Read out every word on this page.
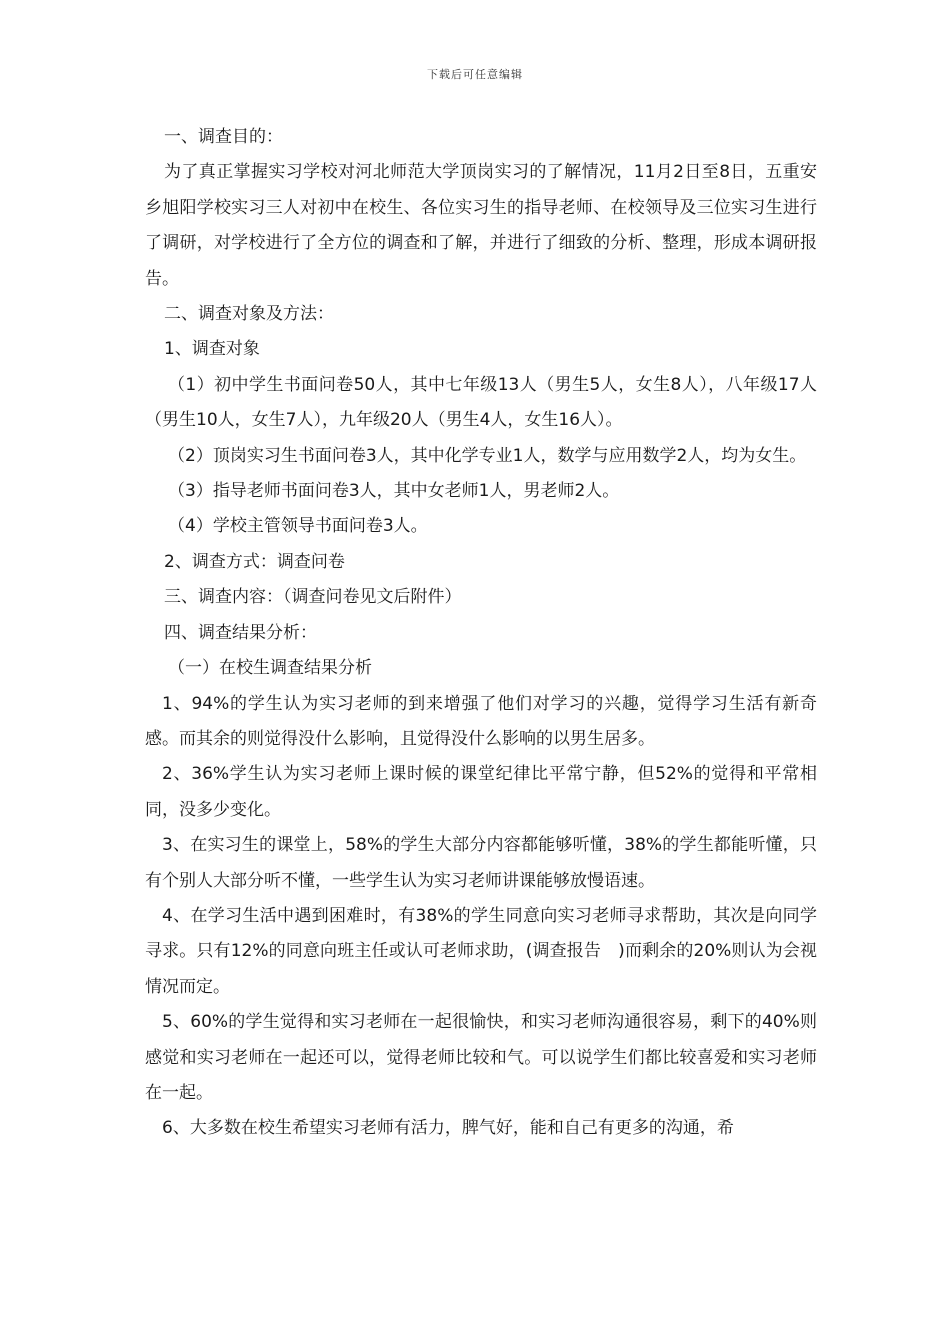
下载后可任意编辑

一、调查目的：

为了真正掌握实习学校对河北师范大学顶岗实习的了解情况，11月2日至8日，五重安乡旭阳学校实习三人对初中在校生、各位实习生的指导老师、在校领导及三位实习生进行了调研，对学校进行了全方位的调查和了解，并进行了细致的分析、整理，形成本调研报告。

二、调查对象及方法：

1、调查对象

（1）初中学生书面问卷50人，其中七年级13人（男生5人，女生8人），八年级17人（男生10人，女生7人），九年级20人（男生4人，女生16人）。

（2）顶岗实习生书面问卷3人，其中化学专业1人，数学与应用数学2人，均为女生。

（3）指导老师书面问卷3人，其中女老师1人，男老师2人。

（4）学校主管领导书面问卷3人。

2、调查方式：调查问卷

三、调查内容：（调查问卷见文后附件）

四、调查结果分析：

（一）在校生调查结果分析

1、94%的学生认为实习老师的到来增强了他们对学习的兴趣，觉得学习生活有新奇感。而其余的则觉得没什么影响，且觉得没什么影响的以男生居多。

2、36%学生认为实习老师上课时候的课堂纪律比平常宁静，但52%的觉得和平常相同，没多少变化。

3、在实习生的课堂上，58%的学生大部分内容都能够听懂，38%的学生都能听懂，只有个别人大部分听不懂，一些学生认为实习老师讲课能够放慢语速。

4、在学习生活中遇到困难时，有38%的学生同意向实习老师寻求帮助，其次是向同学寻求。只有12%的同意向班主任或认可老师求助，(调查报告　)而剩余的20%则认为会视情况而定。

5、60%的学生觉得和实习老师在一起很愉快，和实习老师沟通很容易，剩下的40%则感觉和实习老师在一起还可以，觉得老师比较和气。可以说学生们都比较喜爱和实习老师在一起。

6、大多数在校生希望实习老师有活力，脾气好，能和自己有更多的沟通，希
